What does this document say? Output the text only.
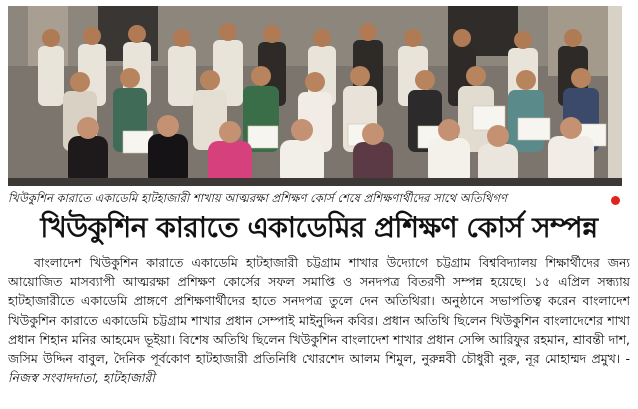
খিউকুশিন কারাতে একাডেমি হাটহাজারী শাখায় আত্মরক্ষা প্রশিক্ষণ কোর্স শেষে প্রশিক্ষণার্থীদের সাথে অতিথিগণ
খিউকুশিন কারাতে একাডেমির প্রশিক্ষণ কোর্স সম্পন্ন

বাংলাদেশ খিউকুশিন কারাতে একাডেমি হাটহাজারী চট্টগ্রাম শাখার উদ্যোগে চট্টগ্রাম বিশ্ববিদ্যালয় শিক্ষার্থীদের জন্য আয়োজিত মাসব্যাপী আত্মরক্ষা প্রশিক্ষণ কোর্সের সফল সমাপ্তি ও সনদপত্র বিতরণী সম্পন্ন হয়েছে। ১৫ এপ্রিল সন্ধ্যায় হাটহাজারীতে একাডেমি প্রাঙ্গণে প্রশিক্ষণার্থীদের হাতে সনদপত্র তুলে দেন অতিথিরা। অনুষ্ঠানে সভাপতিত্ব করেন বাংলাদেশ খিউকুশিন কারাতে একাডেমি চট্টগ্রাম শাখার প্রধান সেম্পাই মাইনুদ্দিন কবির। প্রধান অতিথি ছিলেন খিউকুশিন বাংলাদেশের শাখা প্রধান শিহান মনির আহমেদ ভূইয়া। বিশেষ অতিথি ছিলেন খিউকুশিন বাংলাদেশ শাখার প্রধান সেন্সি আরিফুর রহমান, শ্রাবন্তী দাশ, জসিম উদ্দিন বাবুল, দৈনিক পূর্বকোণ হাটহাজারী প্রতিনিধি খোরশেদ আলম শিমুল, নুরুন্নবী চৌধুরী নুরু, নূর মোহাম্মদ প্রমুখ। - নিজস্ব সংবাদদাতা, হাটহাজারী
